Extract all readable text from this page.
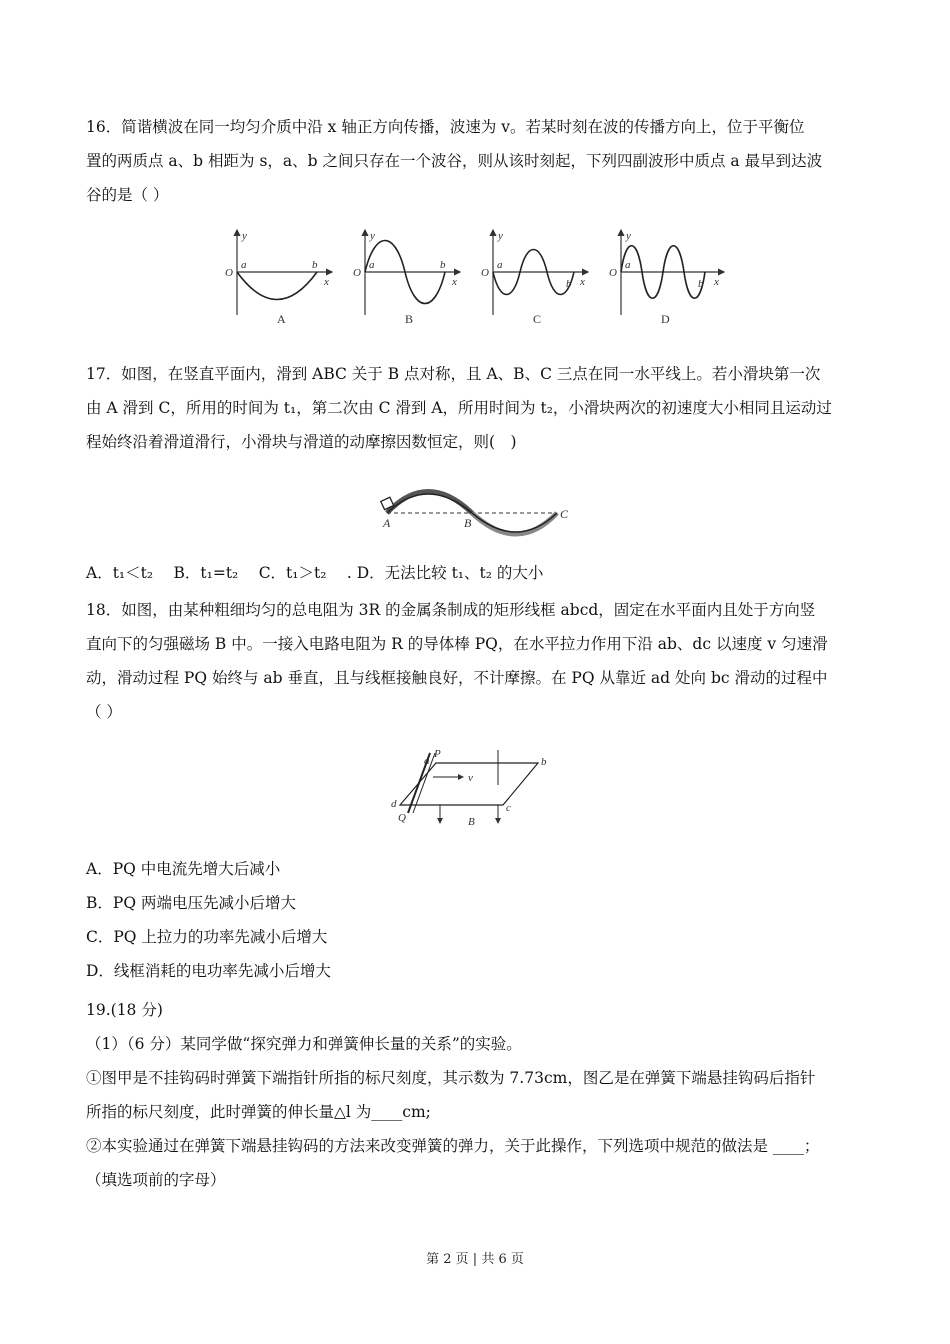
16．简谐横波在同一均匀介质中沿 x 轴正方向传播，波速为 v。若某时刻在波的传播方向上，位于平衡位
置的两质点 a、b 相距为 s，a、b 之间只存在一个波谷，则从该时刻起，下列四副波形中质点 a 最早到达波
谷的是（ ）
y
O
a	b
x
A
y
O
a	b
x
B
y
O
a
b x
C
y
O
a
b x
D
17．如图，在竖直平面内，滑到 ABC 关于 B 点对称，且 A、B、C 三点在同一水平线上。若小滑块第一次
由 A 滑到 C，所用的时间为 t₁，第二次由 C 滑到 A，所用时间为 t₂，小滑块两次的初速度大小相同且运动过
程始终沿着滑道滑行，小滑块与滑道的动摩擦因数恒定，则(　)
A	B
C
A．t₁＜t₂　 B．t₁=t₂　 C．t₁＞t₂　 . D．无法比较 t₁、t₂ 的大小
18．如图，由某种粗细均匀的总电阻为 3R 的金属条制成的矩形线框 abcd，固定在水平面内且处于方向竖
直向下的匀强磁场 B 中。一接入电路电阻为 R 的导体棒 PQ，在水平拉力作用下沿 ab、dc 以速度 v 匀速滑
动，滑动过程 PQ 始终与 ab 垂直，且与线框接触良好，不计摩擦。在 PQ 从靠近 ad 处向 bc 滑动的过程中
（ ）
a
P
b
c
d
Q
v
B
A．PQ 中电流先增大后减小
B．PQ 两端电压先减小后增大
C．PQ 上拉力的功率先减小后增大
D．线框消耗的电功率先减小后增大
19.(18 分)
（1）（6 分）某同学做“探究弹力和弹簧伸长量的关系”的实验。
①图甲是不挂钩码时弹簧下端指针所指的标尺刻度，其示数为 7.73cm，图乙是在弹簧下端悬挂钩码后指针
所指的标尺刻度，此时弹簧的伸长量△l 为____cm;
②本实验通过在弹簧下端悬挂钩码的方法来改变弹簧的弹力，关于此操作，下列选项中规范的做法是 ____；
（填选项前的字母）
第 2 页 | 共 6 页
